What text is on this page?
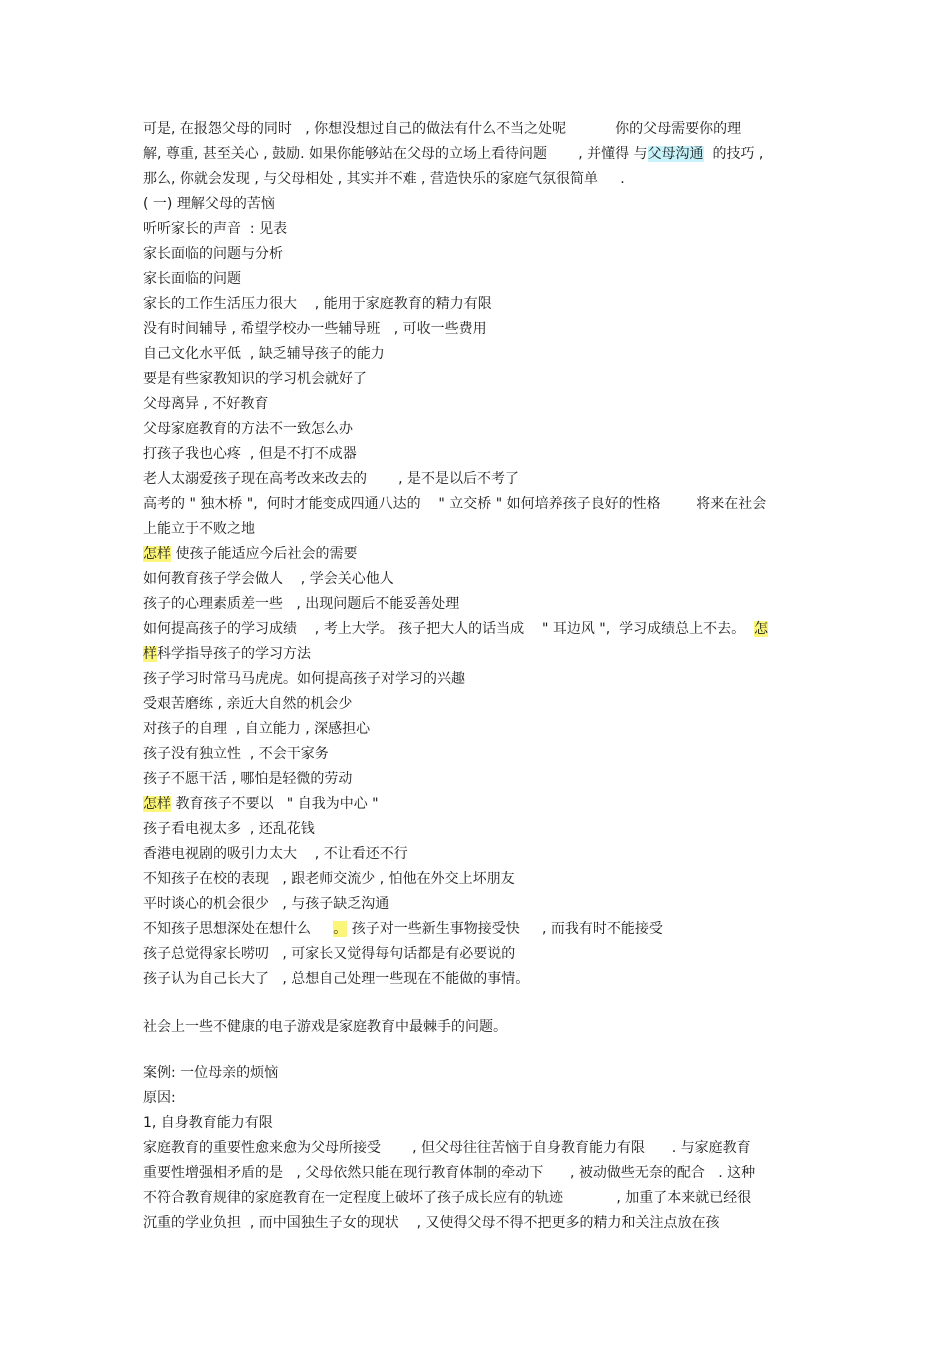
可是, 在报怨父母的同时   , 你想没想过自己的做法有什么不当之处呢           你的父母需要你的理
解, 尊重, 甚至关心 , 鼓励. 如果你能够站在父母的立场上看待问题       , 并懂得 与父母沟通  的技巧 ,
那么, 你就会发现 , 与父母相处 , 其实并不难 , 营造快乐的家庭气氛很简单     .
( 一) 理解父母的苦恼
听听家长的声音  : 见表
家长面临的问题与分析
家长面临的问题
家长的工作生活压力很大    , 能用于家庭教育的精力有限
没有时间辅导 , 希望学校办一些辅导班   , 可收一些费用
自己文化水平低  , 缺乏辅导孩子的能力
要是有些家教知识的学习机会就好了
父母离异 , 不好教育
父母家庭教育的方法不一致怎么办
打孩子我也心疼  , 但是不打不成器
老人太溺爱孩子现在高考改来改去的       , 是不是以后不考了
高考的 " 独木桥 ",  何时才能变成四通八达的    " 立交桥 " 如何培养孩子良好的性格        将来在社会
上能立于不败之地
怎样 使孩子能适应今后社会的需要
如何教育孩子学会做人    , 学会关心他人
孩子的心理素质差一些   , 出现问题后不能妥善处理
如何提高孩子的学习成绩    , 考上大学。 孩子把大人的话当成    " 耳边风 ",  学习成绩总上不去。  怎
样科学指导孩子的学习方法
孩子学习时常马马虎虎。如何提高孩子对学习的兴趣
受艰苦磨练 , 亲近大自然的机会少
对孩子的自理  , 自立能力 , 深感担心
孩子没有独立性  , 不会干家务
孩子不愿干活 , 哪怕是轻微的劳动
怎样 教育孩子不要以   " 自我为中心 "
孩子看电视太多  , 还乱花钱
香港电视剧的吸引力太大    , 不让看还不行
不知孩子在校的表现   , 跟老师交流少 , 怕他在外交上坏朋友
平时谈心的机会很少   , 与孩子缺乏沟通
不知孩子思想深处在想什么     。 孩子对一些新生事物接受快     , 而我有时不能接受
孩子总觉得家长唠叨   , 可家长又觉得每句话都是有必要说的
孩子认为自己长大了   , 总想自己处理一些现在不能做的事情。
社会上一些不健康的电子游戏是家庭教育中最棘手的问题。
案例: 一位母亲的烦恼
原因:
1, 自身教育能力有限
家庭教育的重要性愈来愈为父母所接受       , 但父母往往苦恼于自身教育能力有限      . 与家庭教育
重要性增强相矛盾的是   , 父母依然只能在现行教育体制的牵动下      , 被动做些无奈的配合   . 这种
不符合教育规律的家庭教育在一定程度上破坏了孩子成长应有的轨迹            , 加重了本来就已经很
沉重的学业负担  , 而中国独生子女的现状    , 又使得父母不得不把更多的精力和关注点放在孩
